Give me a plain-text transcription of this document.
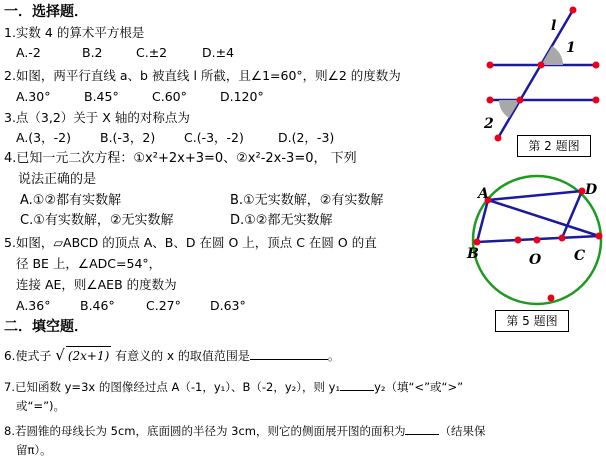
一．选择题．
1.实数 4 的算术平方根是
A.-2	B.2	C.±2	D.±4
2.如图，两平行直线 a、b 被直线 l 所截，且∠1=60°，则∠2 的度数为
A.30°	B.45°	C.60°	D.120°
3.点（3,2）关于 X 轴的对称点为
A.(3，-2) B.(-3，2) C.(-3，-2)	D.(2，-3)
4.已知一元二次方程：①x²+2x+3=0、②x²-2x-3=0， 下列
说法正确的是
A.①②都有实数解	B.①无实数解，②有实数解
C.①有实数解，②无实数解	D.①②都无实数解
5.如图，▱ABCD 的顶点 A、B、D 在圆 O 上，顶点 C 在圆 O 的直
径 BE 上，∠ADC=54°，
连接 AE，则∠AEB 的度数为
A.36° B.46°	C.27° D.63°
二．填空题．
6.使式子 √ (2x+1) 有意义的 x 的取值范围是	。
7.已知函数 y=3x 的图像经过点 A（-1，y₁）、B（-2，y₂），则 y₁	y₂（填“<”或“>”
或“=”)。
8.若圆锥的母线长为 5cm，底面圆的半径为 3cm，则它的侧面展开图的面积为	（结果保
留π）。
l
1
2
第 2 题图
A	D
B	O C
第 5 题图
